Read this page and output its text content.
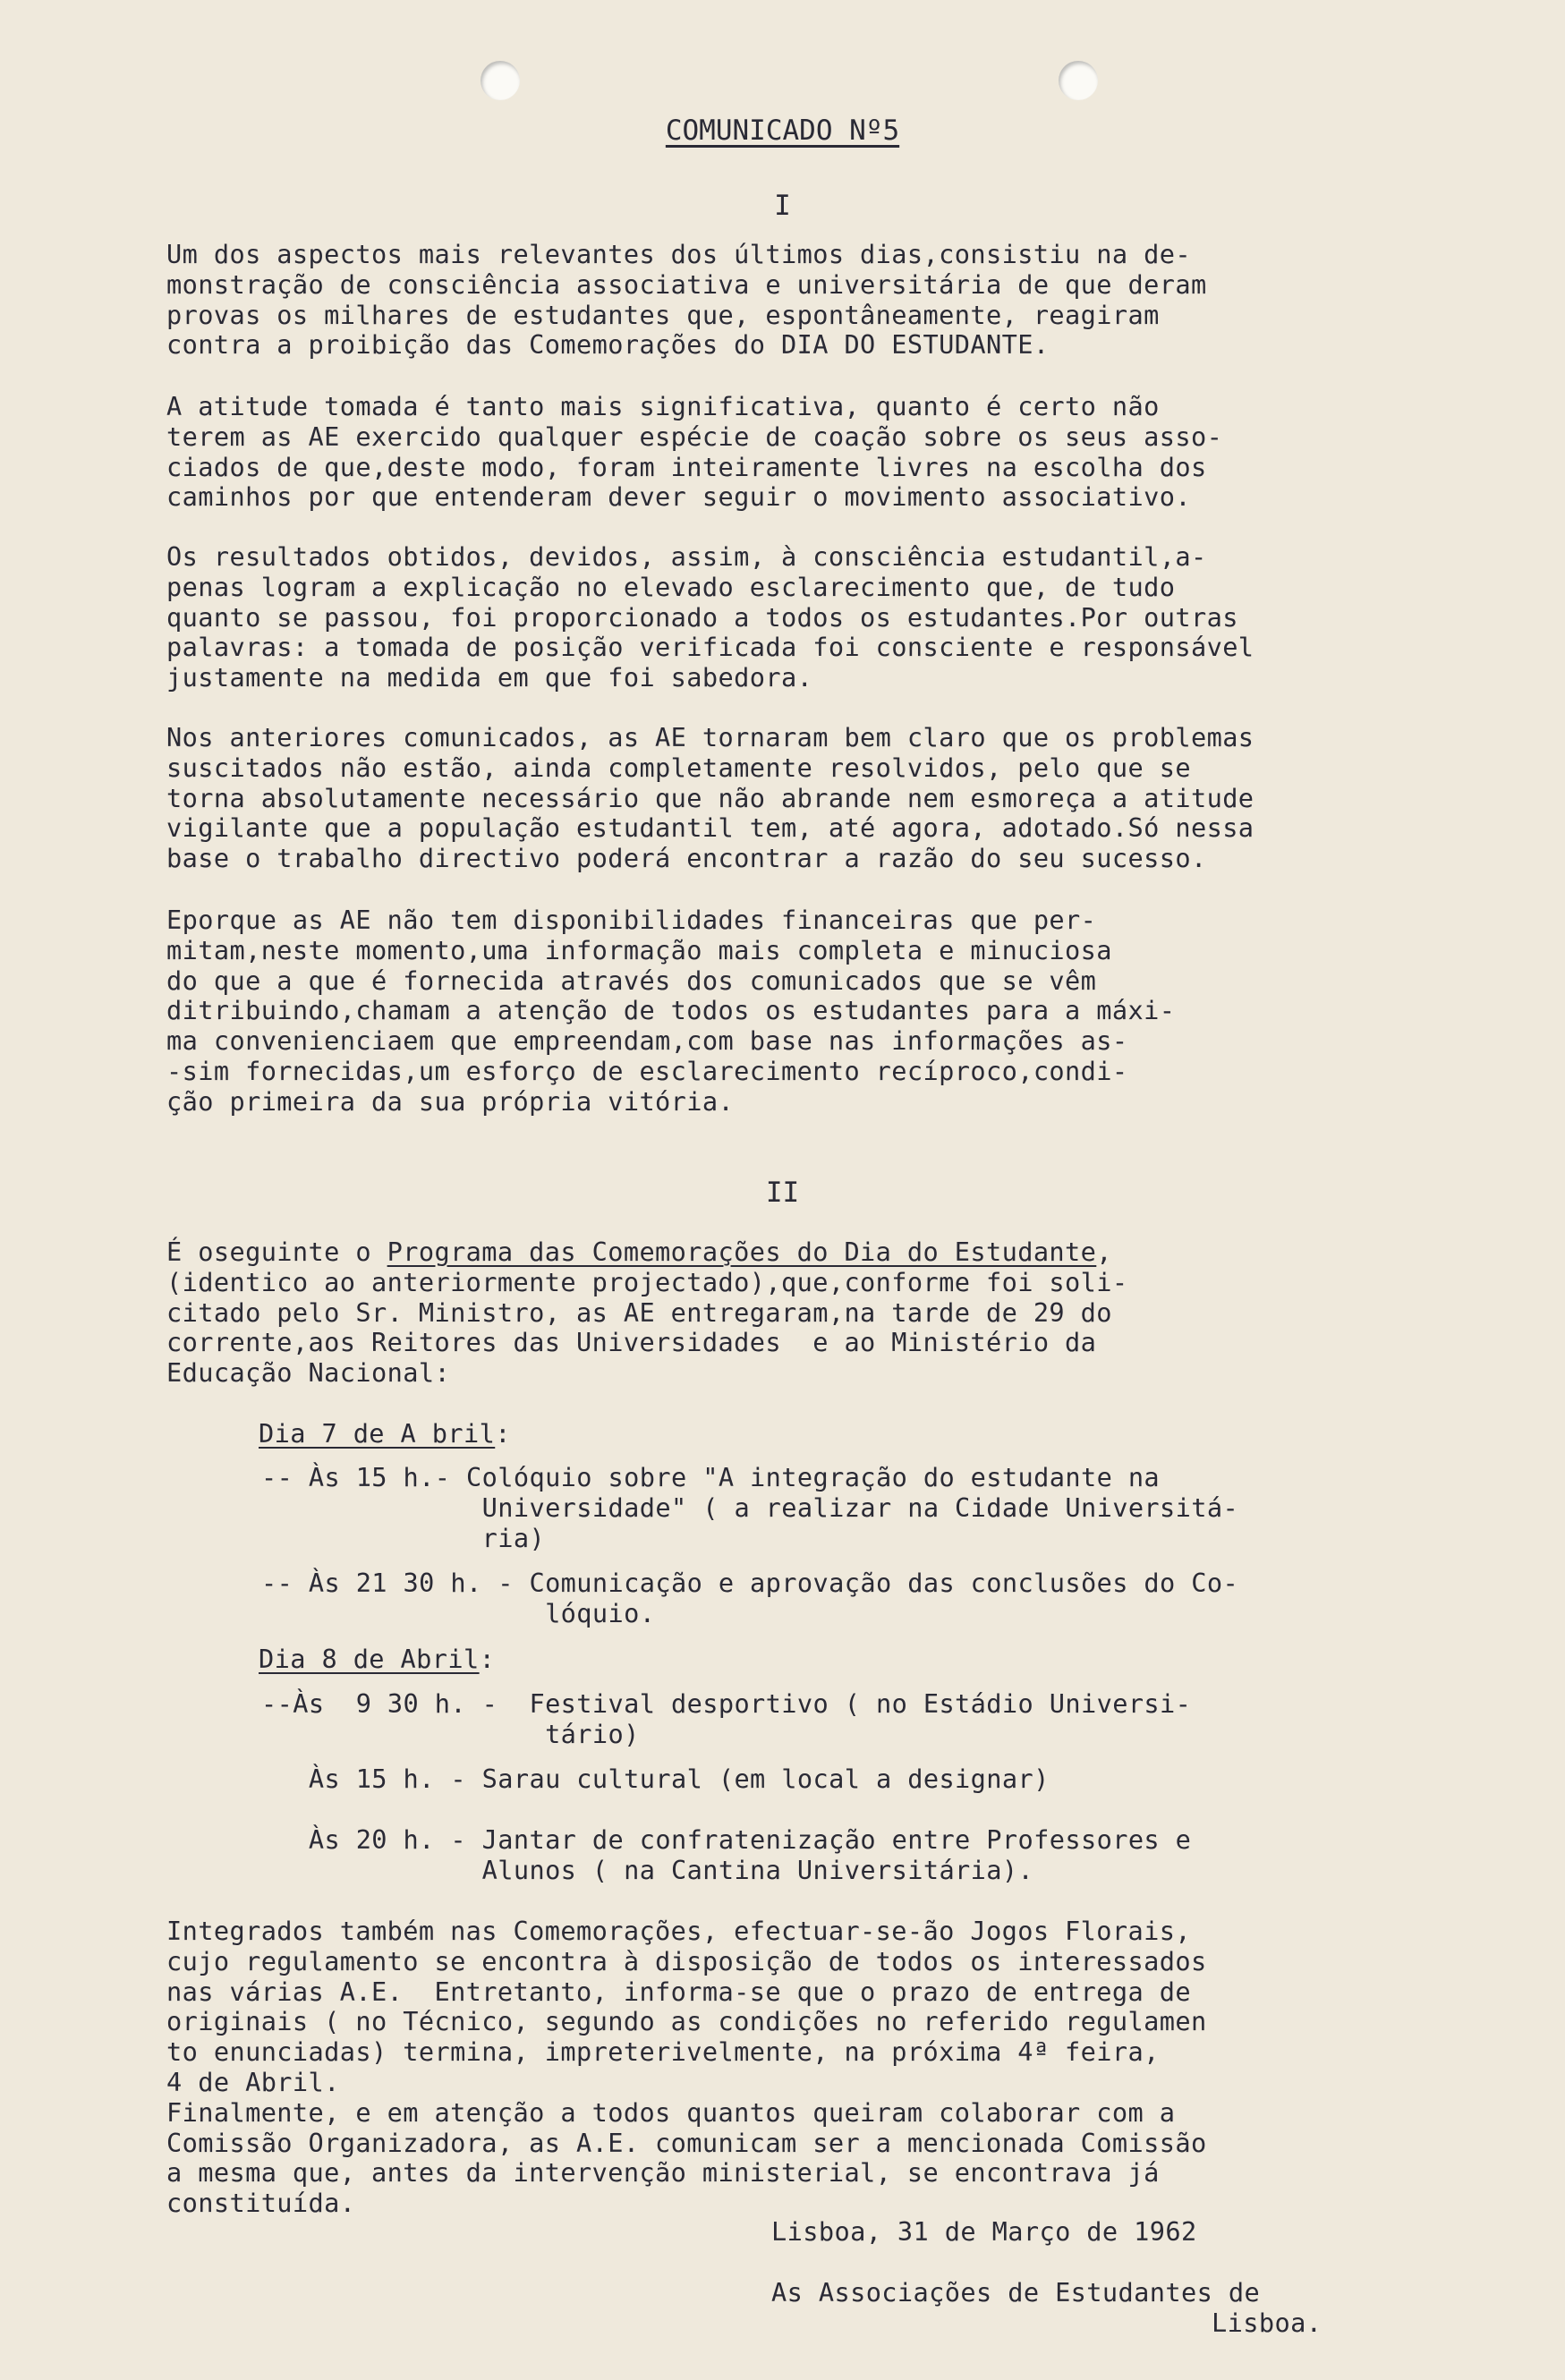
COMUNICADO Nº5
I

Um dos aspectos mais relevantes dos últimos dias,consistiu na de-
monstração de consciência associativa e universitária de que deram
provas os milhares de estudantes que, espontâneamente, reagiram
contra a proibição das Comemorações do DIA DO ESTUDANTE.

A atitude tomada é tanto mais significativa, quanto é certo não
terem as AE exercido qualquer espécie de coação sobre os seus asso-
ciados de que,deste modo, foram inteiramente livres na escolha dos
caminhos por que entenderam dever seguir o movimento associativo.

Os resultados obtidos, devidos, assim, à consciência estudantil,a-
penas logram a explicação no elevado esclarecimento que, de tudo
quanto se passou, foi proporcionado a todos os estudantes.Por outras
palavras: a tomada de posição verificada foi consciente e responsável
justamente na medida em que foi sabedora.

Nos anteriores comunicados, as AE tornaram bem claro que os problemas
suscitados não estão, ainda completamente resolvidos, pelo que se
torna absolutamente necessário que não abrande nem esmoreça a atitude
vigilante que a população estudantil tem, até agora, adotado.Só nessa
base o trabalho directivo poderá encontrar a razão do seu sucesso.

Eporque as AE não tem disponibilidades financeiras que per-
mitam,neste momento,uma informação mais completa e minuciosa
do que a que é fornecida através dos comunicados que se vêm
ditribuindo,chamam a atenção de todos os estudantes para a máxi-
ma convenienciaem que empreendam,com base nas informações as-
-sim fornecidas,um esforço de esclarecimento recíproco,condi-
ção primeira da sua própria vitória.

II

É oseguinte o Programa das Comemorações do Dia do Estudante,
(identico ao anteriormente projectado),que,conforme foi soli-
citado pelo Sr. Ministro, as AE entregaram,na tarde de 29 do
corrente,aos Reitores das Universidades  e ao Ministério da
Educação Nacional:

Dia 7 de A bril:
-- Às 15 h.- Colóquio sobre "A integração do estudante na
Universidade" ( a realizar na Cidade Universitá-
ria)
-- Às 21 30 h. - Comunicação e aprovação das conclusões do Co-
lóquio.
Dia 8 de Abril:
--Às  9 30 h. -  Festival desportivo ( no Estádio Universi-
tário)
Às 15 h. - Sarau cultural (em local a designar)
Às 20 h. - Jantar de confratenização entre Professores e
Alunos ( na Cantina Universitária).

Integrados também nas Comemorações, efectuar-se-ão Jogos Florais,
cujo regulamento se encontra à disposição de todos os interessados
nas várias A.E.  Entretanto, informa-se que o prazo de entrega de
originais ( no Técnico, segundo as condições no referido regulamen
to enunciadas) termina, impreterivelmente, na próxima 4ª feira,
4 de Abril.
Finalmente, e em atenção a todos quantos queiram colaborar com a
Comissão Organizadora, as A.E. comunicam ser a mencionada Comissão
a mesma que, antes da intervenção ministerial, se encontrava já
constituída.

Lisboa, 31 de Março de 1962
As Associações de Estudantes de
Lisboa.
